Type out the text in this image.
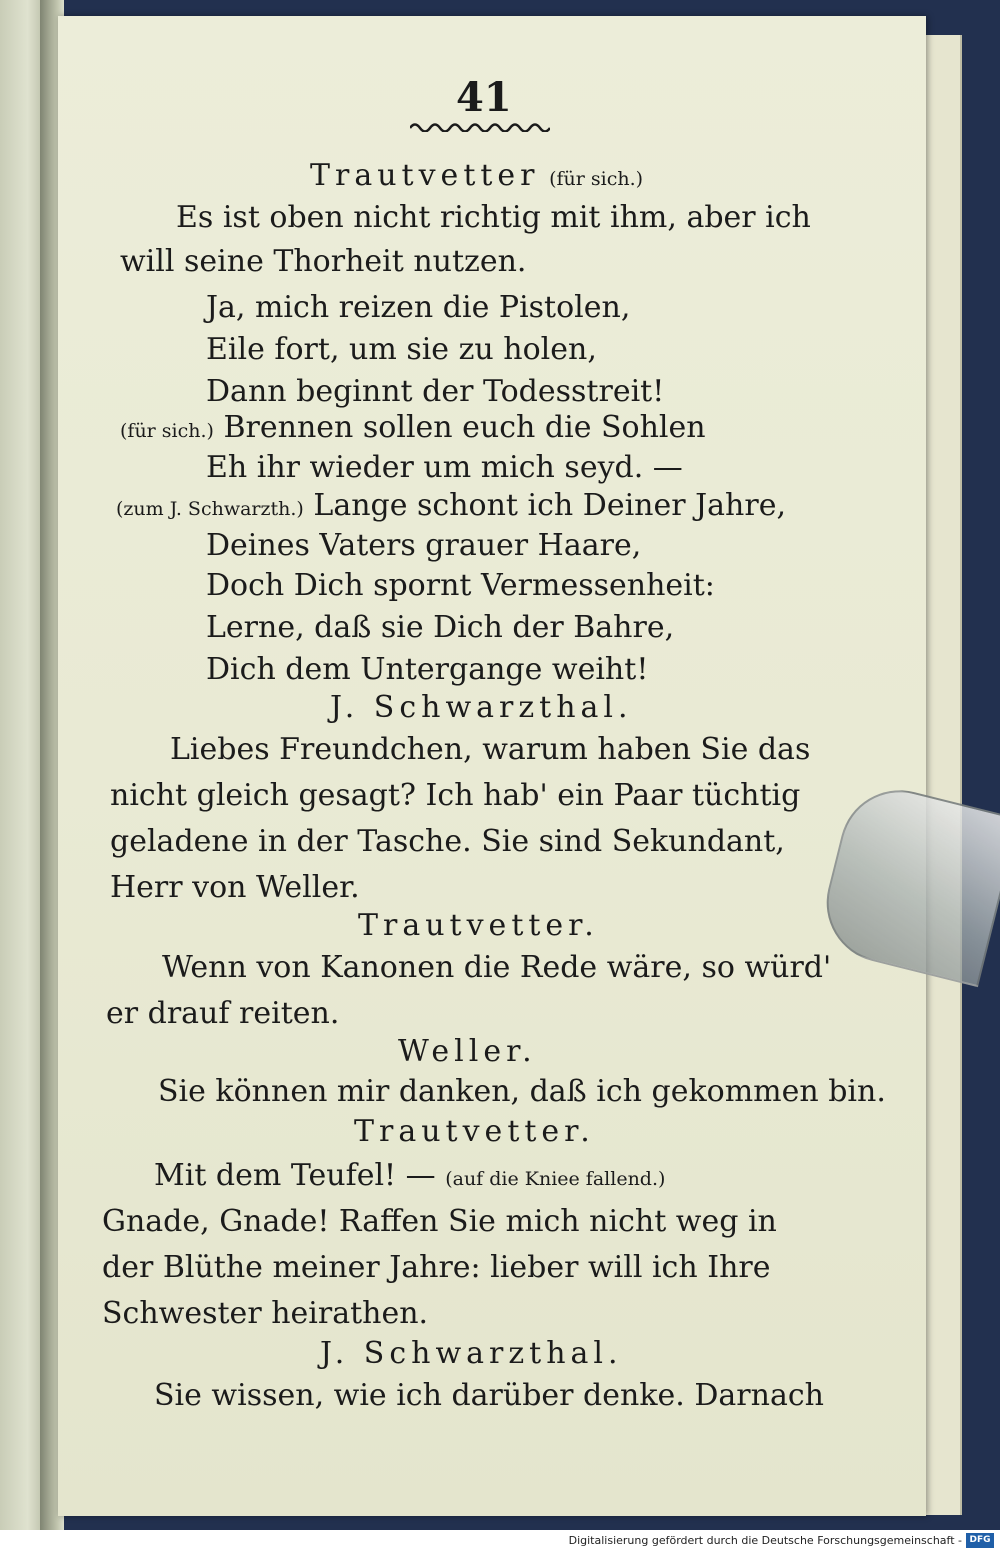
41
Trautvetter (für sich.)
Es ist oben nicht richtig mit ihm, aber ich
will seine Thorheit nutzen.
Ja, mich reizen die Pistolen,
Eile fort, um sie zu holen,
Dann beginnt der Todesstreit!
(für sich.) Brennen sollen euch die Sohlen
Eh ihr wieder um mich seyd. —
(zum J. Schwarzth.) Lange schont ich Deiner Jahre,
Deines Vaters grauer Haare,
Doch Dich spornt Vermessenheit:
Lerne, daß sie Dich der Bahre,
Dich dem Untergange weiht!
J. Schwarzthal.
Liebes Freundchen, warum haben Sie das
nicht gleich gesagt? Ich hab' ein Paar tüchtig
geladene in der Tasche. Sie sind Sekundant,
Herr von Weller.
Trautvetter.
Wenn von Kanonen die Rede wäre, so würd'
er drauf reiten.
Weller.
Sie können mir danken, daß ich gekommen bin.
Trautvetter.
Mit dem Teufel! — (auf die Kniee fallend.)
Gnade, Gnade! Raffen Sie mich nicht weg in
der Blüthe meiner Jahre: lieber will ich Ihre
Schwester heirathen.
J. Schwarzthal.
Sie wissen, wie ich darüber denke. Darnach
Digitalisierung gefördert durch die Deutsche Forschungsgemeinschaft - DFG
